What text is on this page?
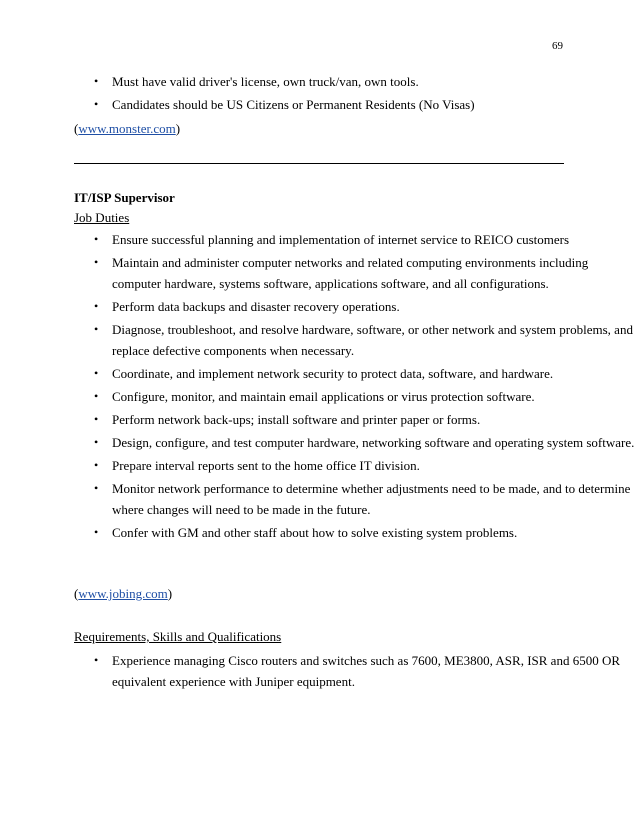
69
• Must have valid driver's license, own truck/van, own tools.
• Candidates should be US Citizens or Permanent Residents (No Visas)
(www.monster.com)
IT/ISP Supervisor
Job Duties
• Ensure successful planning and implementation of internet service to REICO customers
• Maintain and administer computer networks and related computing environments including computer hardware, systems software, applications software, and all configurations.
• Perform data backups and disaster recovery operations.
• Diagnose, troubleshoot, and resolve hardware, software, or other network and system problems, and replace defective components when necessary.
• Coordinate, and implement network security to protect data, software, and hardware.
• Configure, monitor, and maintain email applications or virus protection software.
• Perform network back-ups; install software and printer paper or forms.
• Design, configure, and test computer hardware, networking software and operating system software.
• Prepare interval reports sent to the home office IT division.
• Monitor network performance to determine whether adjustments need to be made, and to determine where changes will need to be made in the future.
• Confer with GM and other staff about how to solve existing system problems.
(www.jobing.com)
Requirements, Skills and Qualifications
• Experience managing Cisco routers and switches such as 7600, ME3800, ASR, ISR and 6500 OR equivalent experience with Juniper equipment.
